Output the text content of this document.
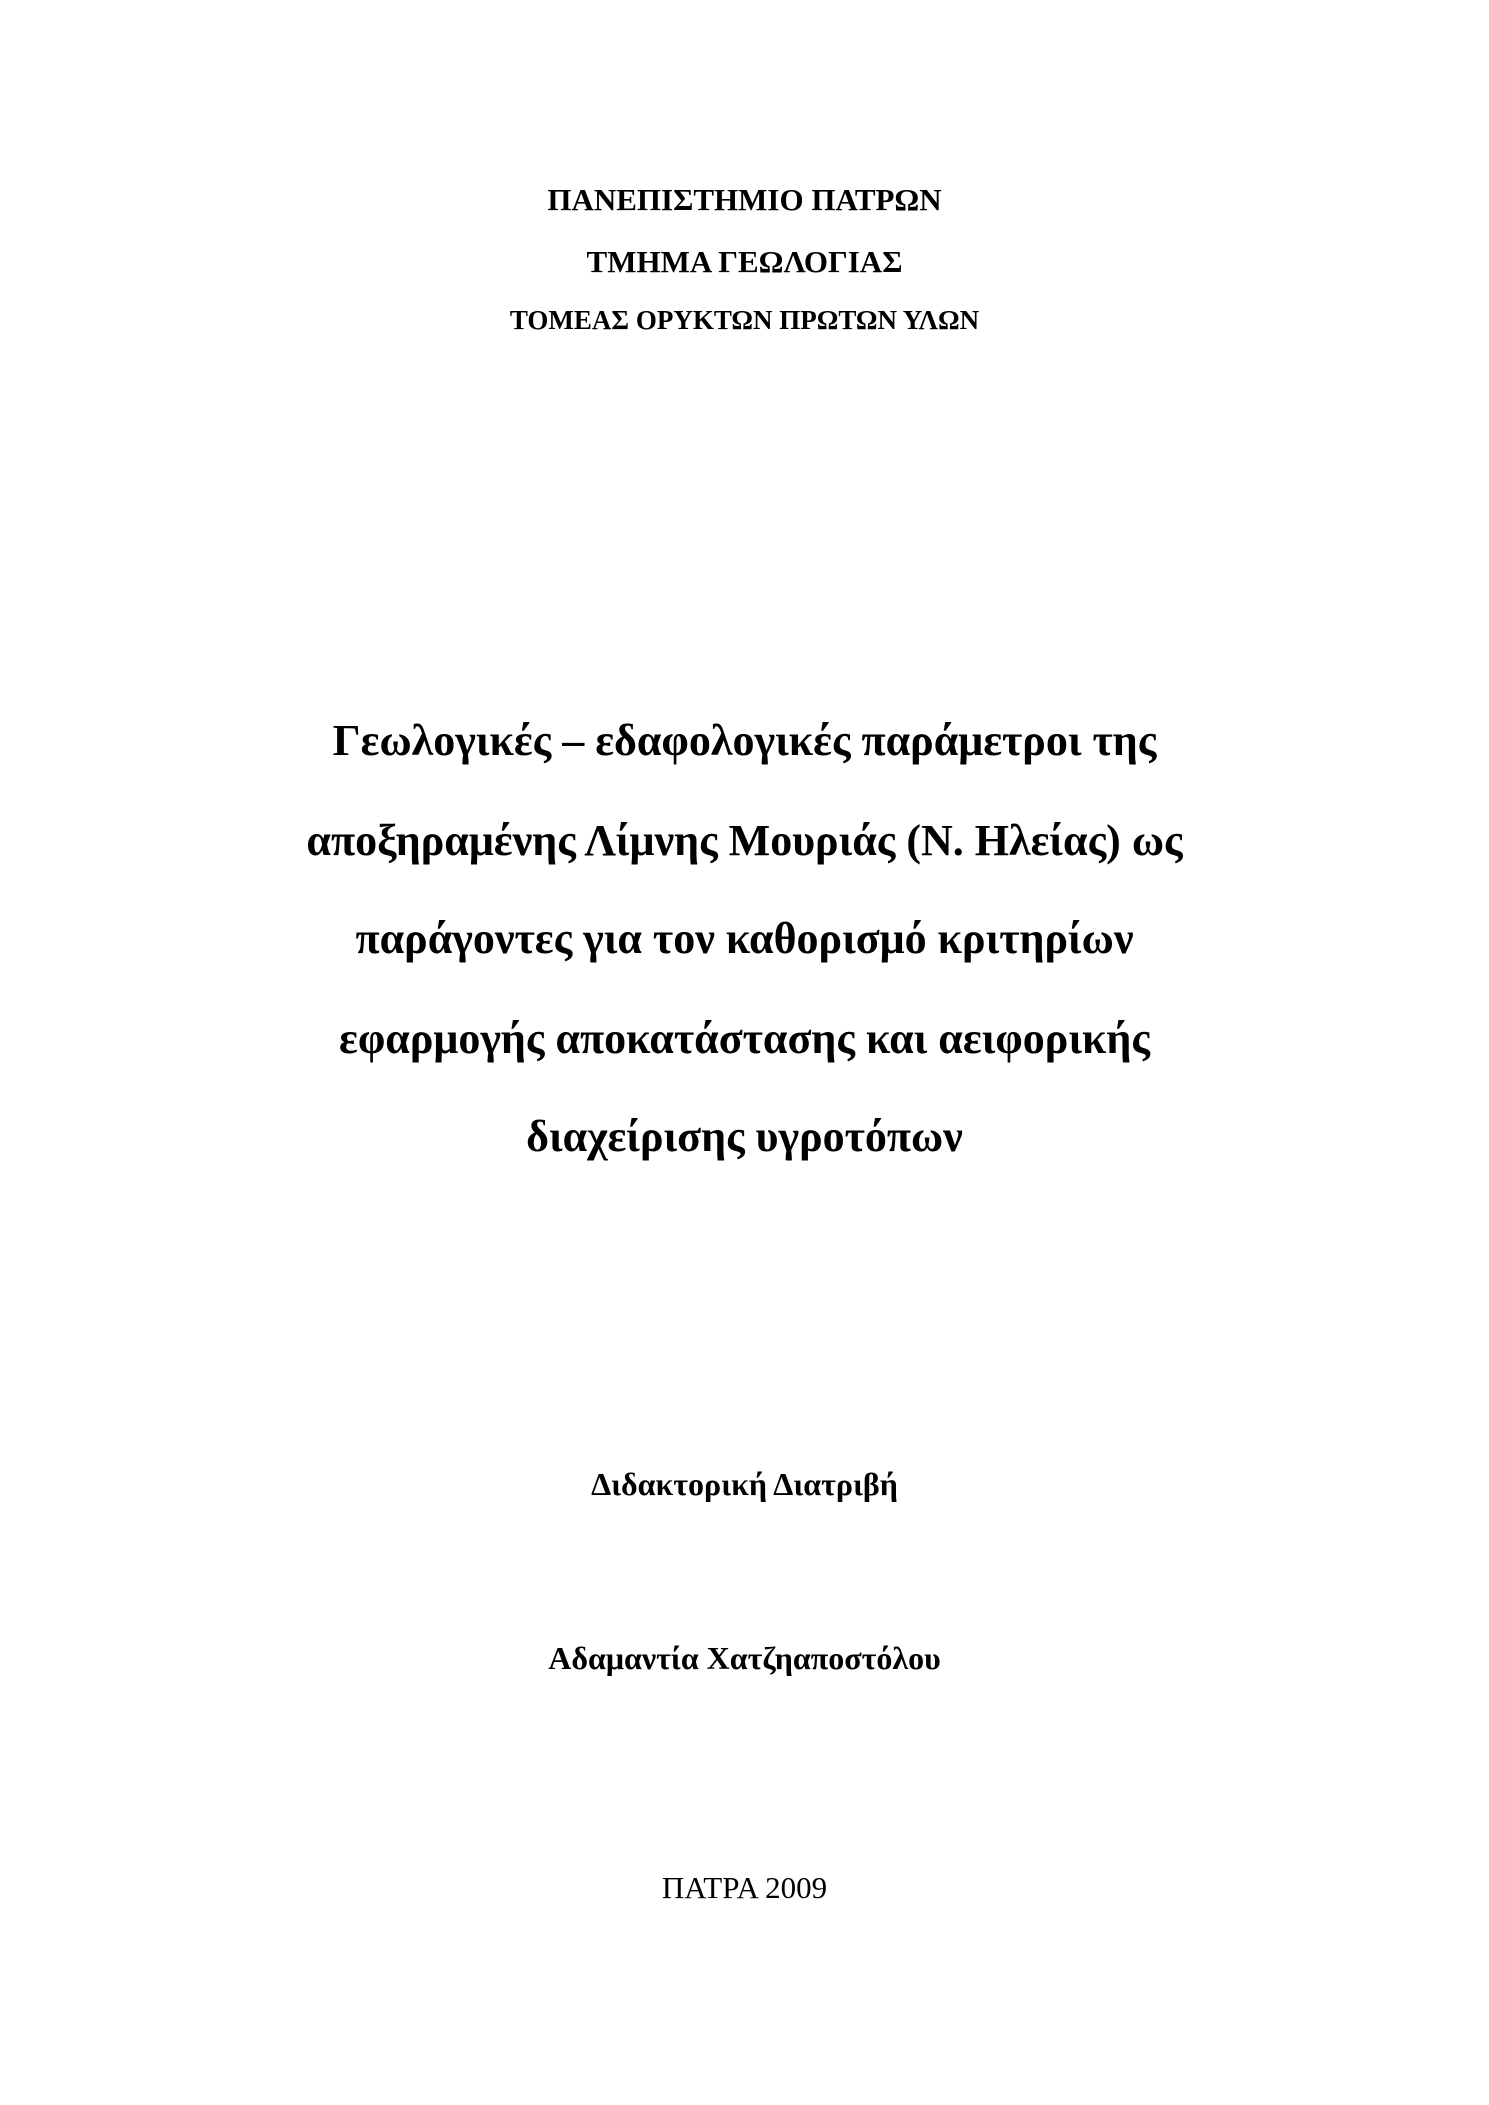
ΠΑΝΕΠΙΣΤΗΜΙΟ ΠΑΤΡΩΝ
ΤΜΗΜΑ ΓΕΩΛΟΓΙΑΣ
ΤΟΜΕΑΣ ΟΡΥΚΤΩΝ ΠΡΩΤΩΝ ΥΛΩΝ
Γεωλογικές – εδαφολογικές παράμετροι της
αποξηραμένης Λίμνης Μουριάς (Ν. Ηλείας) ως
παράγοντες για τον καθορισμό κριτηρίων
εφαρμογής αποκατάστασης και αειφορικής
διαχείρισης υγροτόπων
Διδακτορική Διατριβή
Αδαμαντία Χατζηαποστόλου
ΠΑΤΡΑ 2009
